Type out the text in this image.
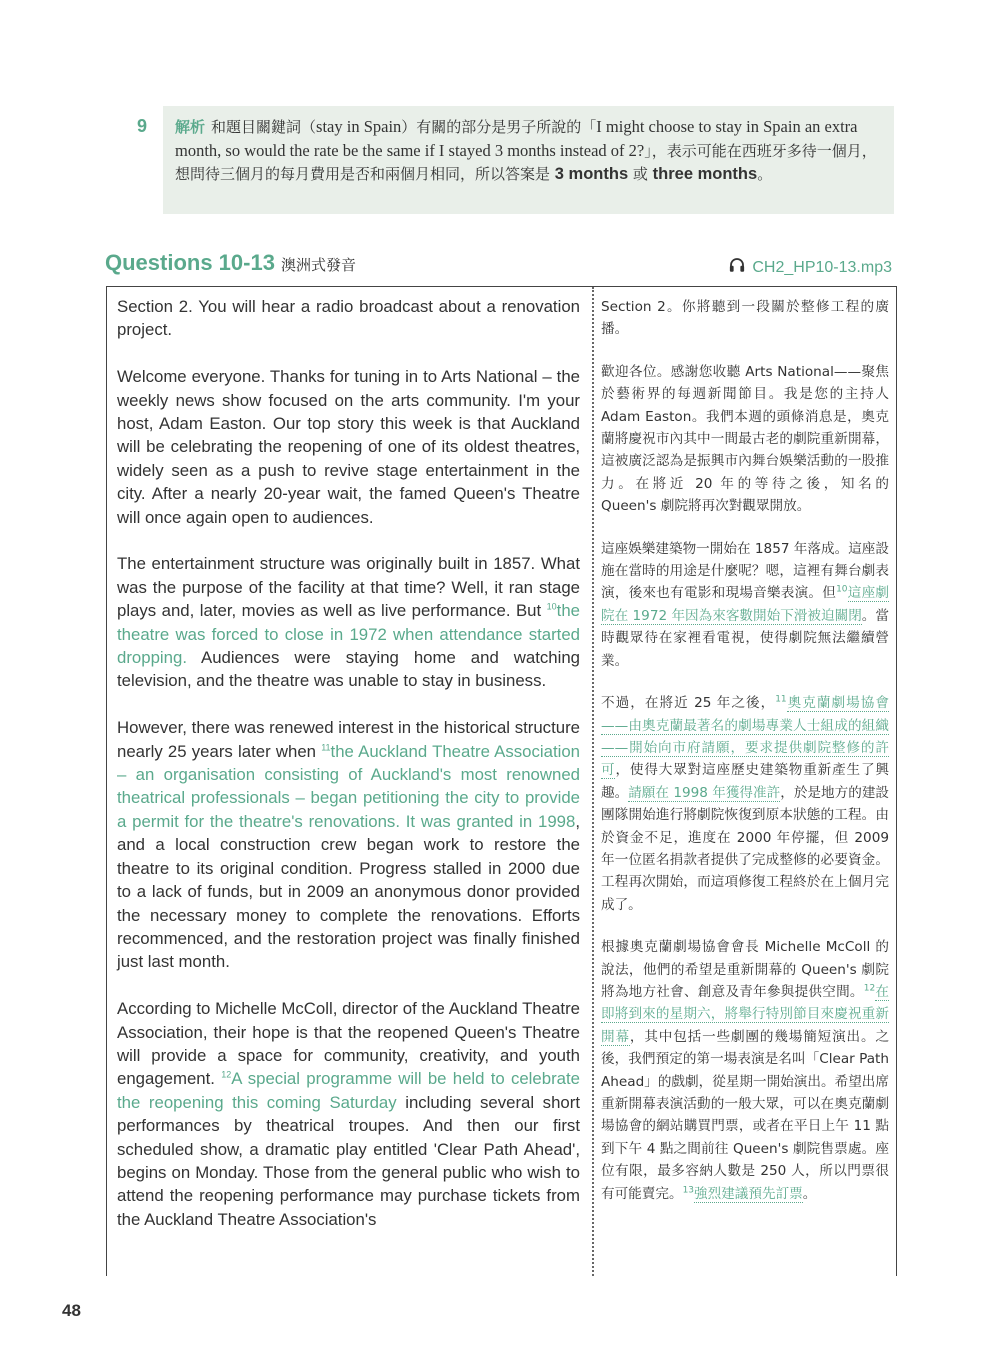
9 解析 和題目關鍵詞（stay in Spain）有關的部分是男子所說的「I might choose to stay in Spain an extra month, so would the rate be the same if I stayed 3 months instead of 2?」，表示可能在西班牙多待一個月，想問待三個月的每月費用是否和兩個月相同，所以答案是 3 months 或 three months。
Questions 10-13 澳洲式發音	CH2_HP10-13.mp3

Section 2. You will hear a radio broadcast about a renovation project.

Welcome everyone. Thanks for tuning in to Arts National – the weekly news show focused on the arts community. I'm your host, Adam Easton. Our top story this week is that Auckland will be celebrating the reopening of one of its oldest theatres, widely seen as a push to revive stage entertainment in the city. After a nearly 20-year wait, the famed Queen's Theatre will once again open to audiences.

The entertainment structure was originally built in 1857. What was the purpose of the facility at that time? Well, it ran stage plays and, later, movies as well as live performance. But $^{10}$the theatre was forced to close in 1972 when attendance started dropping. Audiences were staying home and watching television, and the theatre was unable to stay in business.

However, there was renewed interest in the historical structure nearly 25 years later when $^{11}$the Auckland Theatre Association – an organisation consisting of Auckland's most renowned theatrical professionals – began petitioning the city to provide a permit for the theatre's renovations. It was granted in 1998, and a local construction crew began work to restore the theatre to its original condition. Progress stalled in 2000 due to a lack of funds, but in 2009 an anonymous donor provided the necessary money to complete the renovations. Efforts recommenced, and the restoration project was finally finished just last month.

According to Michelle McColl, director of the Auckland Theatre Association, their hope is that the reopened Queen's Theatre will provide a space for community, creativity, and youth engagement. $^{12}$A special programme will be held to celebrate the reopening this coming Saturday including several short performances by theatrical troupes. And then our first scheduled show, a dramatic play entitled 'Clear Path Ahead', begins on Monday. Those from the general public who wish to attend the reopening performance may purchase tickets from the Auckland Theatre Association's

Section 2。你將聽到一段關於整修工程的廣播。

歡迎各位。感謝您收聽 Arts National——聚焦於藝術界的每週新聞節目。我是您的主持人 Adam Easton。我們本週的頭條消息是，奧克蘭將慶祝市內其中一間最古老的劇院重新開幕，這被廣泛認為是振興市內舞台娛樂活動的一股推力。在將近 20 年的等待之後，知名的 Queen's 劇院將再次對觀眾開放。

這座娛樂建築物一開始在 1857 年落成。這座設施在當時的用途是什麼呢？嗯，這裡有舞台劇表演，後來也有電影和現場音樂表演。但$^{10}$這座劇院在 1972 年因為來客數開始下滑被迫關閉。當時觀眾待在家裡看電視，使得劇院無法繼續營業。

不過，在將近 25 年之後，$^{11}$奧克蘭劇場協會——由奧克蘭最著名的劇場專業人士組成的組織——開始向市府請願，要求提供劇院整修的許可，使得大眾對這座歷史建築物重新產生了興趣。請願在 1998 年獲得准許，於是地方的建設團隊開始進行將劇院恢復到原本狀態的工程。由於資金不足，進度在 2000 年停擺，但 2009 年一位匿名捐款者提供了完成整修的必要資金。工程再次開始，而這項修復工程終於在上個月完成了。

根據奧克蘭劇場協會會長 Michelle McColl 的說法，他們的希望是重新開幕的 Queen's 劇院將為地方社會、創意及青年參與提供空間。$^{12}$在即將到來的星期六，將舉行特別節目來慶祝重新開幕，其中包括一些劇團的幾場簡短演出。之後，我們預定的第一場表演是名叫「Clear Path Ahead」的戲劇，從星期一開始演出。希望出席重新開幕表演活動的一般大眾，可以在奧克蘭劇場協會的網站購買門票，或者在平日上午 11 點到下午 4 點之間前往 Queen's 劇院售票處。座位有限，最多容納人數是 250 人，所以門票很有可能賣完。$^{13}$強烈建議預先訂票。

48
